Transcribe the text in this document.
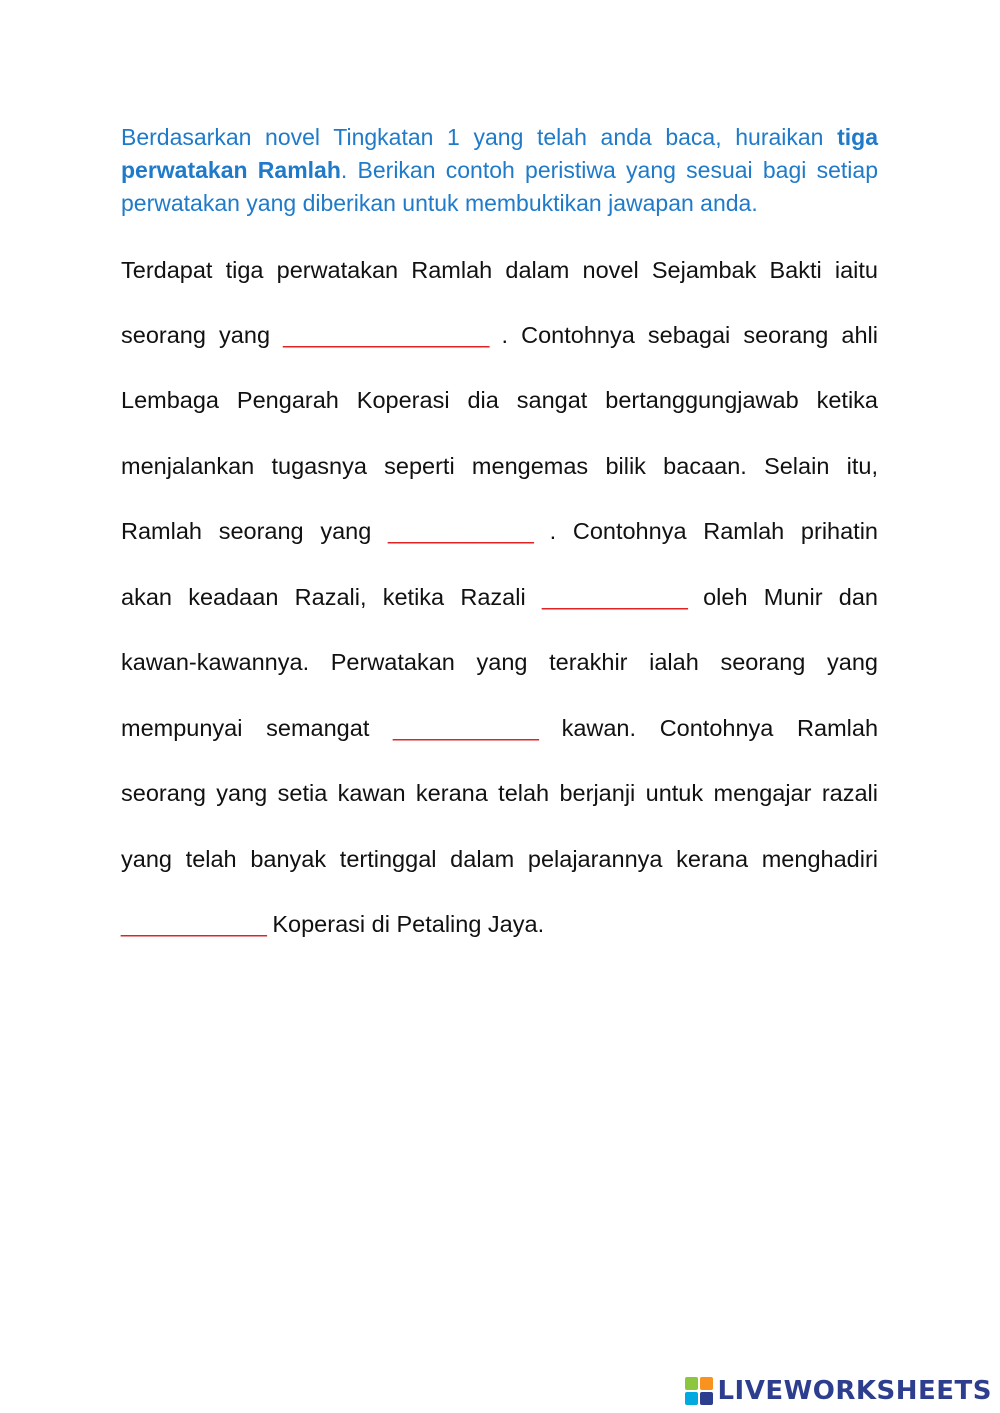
Berdasarkan novel Tingkatan 1 yang telah anda baca, huraikan tiga perwatakan Ramlah. Berikan contoh peristiwa yang sesuai bagi setiap perwatakan yang diberikan untuk membuktikan jawapan anda.

Terdapat tiga perwatakan Ramlah dalam novel Sejambak Bakti iaitu
seorang yang _________________ . Contohnya sebagai seorang ahli
Lembaga Pengarah Koperasi dia sangat bertanggungjawab ketika
menjalankan tugasnya seperti mengemas bilik bacaan. Selain itu,
Ramlah seorang yang ____________ . Contohnya Ramlah prihatin
akan keadaan Razali, ketika Razali ____________ oleh Munir dan
kawan-kawannya. Perwatakan yang terakhir ialah seorang yang
mempunyai semangat ____________ kawan. Contohnya Ramlah
seorang yang setia kawan kerana telah berjanji untuk mengajar razali
yang telah banyak tertinggal dalam pelajarannya kerana menghadiri
____________ Koperasi di Petaling Jaya.
LIVEWORKSHEETS
